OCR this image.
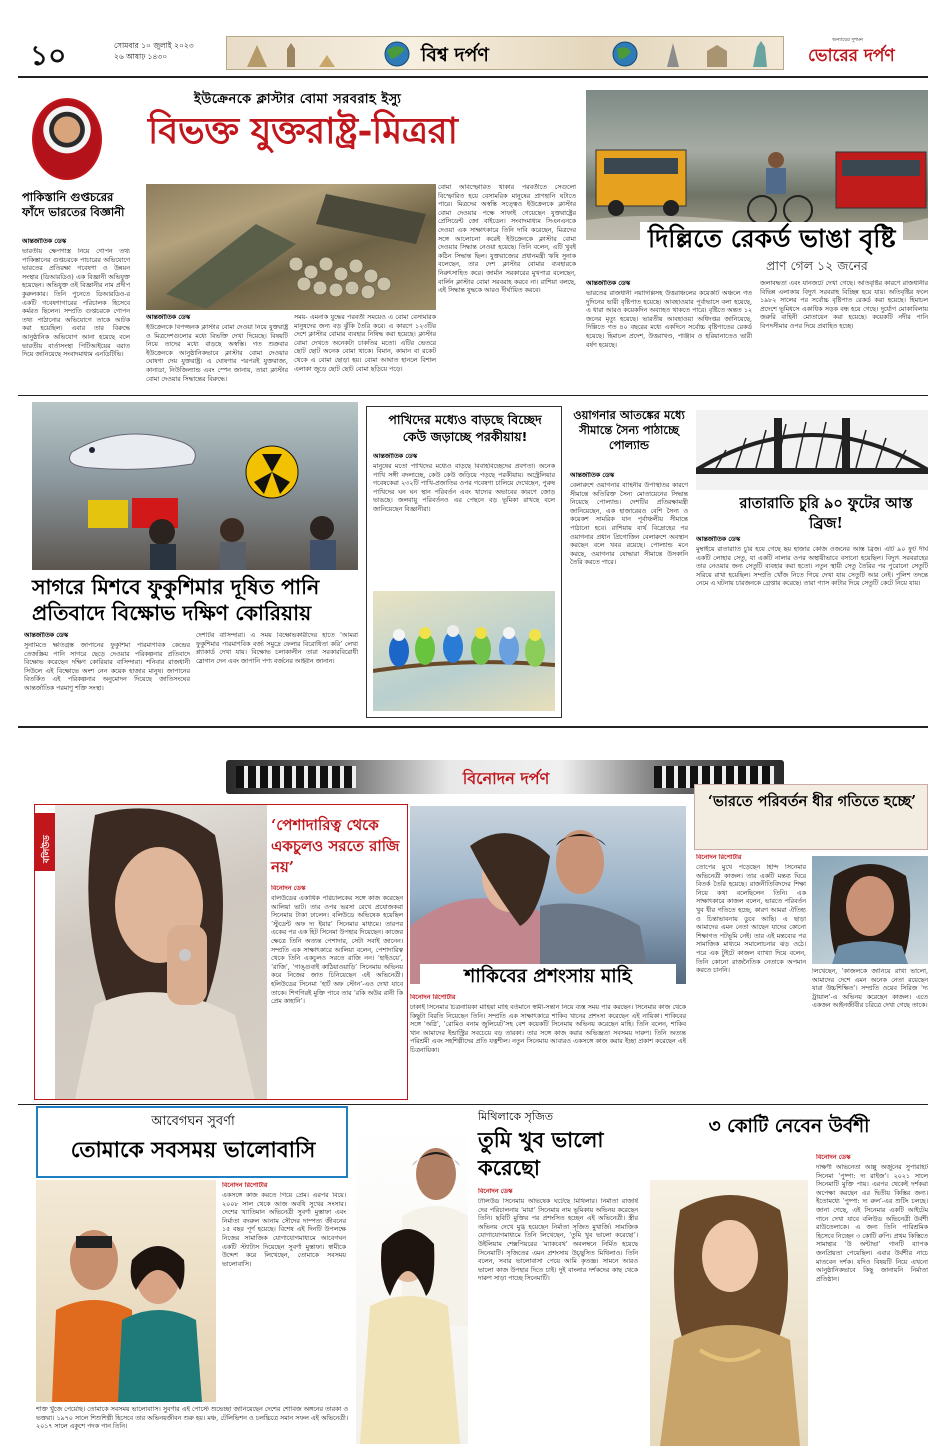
১০	সোমবার ১০ জুলাই ২০২৩
২৬ আষাঢ় ১৪৩০	বিশ্ব দর্পণ
অন্যায়ের দুশমন
ভোরের দর্পণ
ইউক্রেনকে ক্লাস্টার বোমা সরবরাহ ইস্যু
বিভক্ত যুক্তরাষ্ট্র-মিত্ররা
পাকিস্তানি গুপ্তচরের ফাঁদে ভারতের বিজ্ঞানী
আন্তর্জাতিক ডেস্ক
ভারতীয় ক্ষেপণাস্ত্র নিয়ে গোপন তথ্য পাকিস্তানের গুপ্তচরকে পাচারের অভিযোগে ভারতের প্রতিরক্ষা গবেষণা ও উন্নয়ন সংস্থার (ডিআরডিও) এক বিজ্ঞানী অভিযুক্ত হয়েছেন। অভিযুক্ত ওই বিজ্ঞানীর নাম প্রদীপ কুরুলকার। তিনি পুনেতে ডিআরডিও-র একটি গবেষণাগারের পরিচালক হিসেবে কর্মরত ছিলেন। সম্প্রতি গুপ্তচরকে গোপন তথ্য পাঠানোর অভিযোগে তাকে আটক করা হয়েছিল। এবার তার বিরুদ্ধে আনুষ্ঠানিক অভিযোগ আনা হয়েছে বলে ভারতীয় বার্তাসংস্থা পিটিআইয়ের বরাত দিয়ে জানিয়েছে সংবাদমাধ্যম এনডিটিভি।
বোমা অবিস্ফোরিত থাকার পরবর্তীতে সেগুলো বিস্ফোরিত হয়ে বেসামরিক মানুষের প্রাণহানি ঘটাতে পারে। মিত্রদের অস্বস্তি সত্ত্বেও ইউক্রেনকে ক্লাস্টার বোমা দেওয়ার পক্ষে সাফাই গেয়েছেন যুক্তরাষ্ট্রের প্রেসিডেন্ট জো বাইডেন। সংবাদমাধ্যম সিএনএনকে দেওয়া এক সাক্ষাৎকারে তিনি দাবি করেছেন, মিত্রদের সঙ্গে আলোচনা করেই ইউক্রেনকে ক্লাস্টার বোমা দেওয়ার সিদ্ধান্ত নেওয়া হয়েছে। তিনি বলেন, এটি খুবই কঠিন সিদ্ধান্ত ছিল। যুক্তরাজ্যের প্রধানমন্ত্রী ঋষি সুনাক বলেছেন, তার দেশ ক্লাস্টার বোমার ব্যবহারকে নিরুৎসাহিত করে। জার্মান সরকারের মুখপাত্র বলেছেন, বার্লিন ক্লাস্টার বোমা সরবরাহ করবে না। রাশিয়া বলছে, এই সিদ্ধান্ত যুদ্ধকে আরও দীর্ঘায়িত করবে।
আন্তর্জাতিক ডেস্ক
ইউক্রেনকে বিপজ্জনক ক্লাস্টার বোমা দেওয়া নিয়ে যুক্তরাষ্ট্র ও মিত্রদেশগুলোর মধ্যে বিভক্তি দেখা দিয়েছে। বিষয়টি নিয়ে তাদের মধ্যে বাড়ছে অস্বস্তি। গত শুক্রবার ইউক্রেনকে আনুষ্ঠানিকভাবে ক্লাস্টার বোমা দেওয়ার ঘোষণা দেয় যুক্তরাষ্ট্র। এ ঘোষণার পরপরই যুক্তরাজ্য, কানাডা, নিউজিল্যান্ড এবং স্পেন জানায়, তারা ক্লাস্টার বোমা দেওয়ার সিদ্ধান্তের বিরুদ্ধে।
সময়- এমনকি যুদ্ধের পরবর্তী সময়েও এ বোমা বেসামরিক মানুষদের জন্য বড় ঝুঁকি তৈরি করে। এ কারণে ১২৩টির দেশে ক্লাস্টার বোমার ব্যবহার নিষিদ্ধ করা হয়েছে। ক্লাস্টার বোমা দেখতে অনেকটা চাকতির মতো। এটির ভেতরে ছোট ছোট অনেক বোমা থাকে। বিমান, কামান বা রকেট থেকে এ বোমা ছোড়া হয়। বোমা আঘাত হানলে বিশাল এলাকা জুড়ে ছোট ছোট বোমা ছড়িয়ে পড়ে।
দিল্লিতে রেকর্ড ভাঙা বৃষ্টি
প্রাণ গেল ১২ জনের
আন্তর্জাতিক ডেস্ক
ভারতের রাজধানী নয়াদিল্লিসহ উত্তরাঞ্চলের কয়েকটি অঞ্চলে গত দুদিনের ভারী বৃষ্টিপাত হয়েছে। আবহাওয়ার পূর্বাভাসে বলা হয়েছে, এ ধারা আরও কয়েকদিন অব্যাহত থাকতে পারে। বৃষ্টিতে অন্তত ১২ জনের মৃত্যু হয়েছে। ভারতীয় আবহাওয়া অধিদপ্তর জানিয়েছে, দিল্লিতে গত ৪০ বছরের মধ্যে একদিনে সর্বোচ্চ বৃষ্টিপাতের রেকর্ড হয়েছে। হিমাচল প্রদেশ, উত্তরাখণ্ড, পাঞ্জাব ও হরিয়ানাতেও ভারী বর্ষণ হয়েছে।
জলাবদ্ধতা এবং যানজটে দেখা গেছে। অতিবৃষ্টির কারণে রাজধানীর বিভিন্ন এলাকায় বিদ্যুৎ সরবরাহ বিচ্ছিন্ন হয়ে যায়। অতিবৃষ্টির ফলে ১৯৮২ সালের পর সর্বোচ্চ বৃষ্টিপাত রেকর্ড করা হয়েছে। হিমাচল প্রদেশে ভূমিধসে একাধিক সড়ক বন্ধ হয়ে গেছে। দুর্যোগ মোকাবিলায় জরুরি বাহিনী মোতায়েন করা হয়েছে। কয়েকটি নদীর পানি বিপদসীমার ওপর দিয়ে প্রবাহিত হচ্ছে।
সাগরে মিশবে ফুকুশিমার দূষিত পানি
প্রতিবাদে বিক্ষোভ দক্ষিণ কোরিয়ায়
আন্তর্জাতিক ডেস্ক
সুনামিতে ক্ষতিগ্রস্ত জাপানের ফুকুশিমা পারমাণবিক কেন্দ্রের তেজস্ক্রিয় পানি সাগরে ছেড়ে দেওয়ার পরিকল্পনার প্রতিবাদে বিক্ষোভ করেছেন দক্ষিণ কোরিয়ার বাসিন্দারা। শনিবার রাজধানী সিউলে এই বিক্ষোভে অংশ নেন কয়েক হাজার মানুষ। জাপানের বিতর্কিত এই পরিকল্পনার অনুমোদন দিয়েছে জাতিসংঘের আন্তর্জাতিক পরমাণু শক্তি সংস্থা।
দেশটির বাসিন্দারা। এ সময় বিক্ষোভকারীদের হাতে ‘আমরা ফুকুশিমার পারমাণবিক বর্জ্য সমুদ্রে ফেলার বিরোধিতা করি’ লেখা প্ল্যাকার্ড দেখা যায়। বিক্ষোভ চলাকালীন তারা সরকারবিরোধী স্লোগান দেন এবং জাপানি পণ্য বর্জনের আহ্বান জানান।
পাখিদের মধ্যেও বাড়ছে বিচ্ছেদ কেউ জড়াচ্ছে পরকীয়ায়!
আন্তর্জাতিক ডেস্ক
মানুষের মতো পাখিদের মধ্যেও বাড়ছে বিবাহবিচ্ছেদের প্রবণতা। অনেক পাখি সঙ্গী বদলাচ্ছে, কেউ কেউ জড়িয়ে পড়ছে পরকীয়ায়। অস্ট্রেলিয়ার গবেষকেরা ২৩২টি পাখি-প্রজাতির ওপর গবেষণা চালিয়ে দেখেছেন, পুরুষ পাখিদের ঘন ঘন স্থান পরিবর্তন এবং খাদ্যের অভাবের কারণে জোড় ভাঙছে। জলবায়ু পরিবর্তনও এর পেছনে বড় ভূমিকা রাখছে বলে জানিয়েছেন বিজ্ঞানীরা।
ওয়াগনার আতঙ্কের মধ্যে সীমান্তে সৈন্য পাঠাচ্ছে পোল্যান্ড
আন্তর্জাতিক ডেস্ক
বেলারুশে ওয়াগনার বাহিনীর উপস্থিতির কারণে সীমান্তে অতিরিক্ত সৈন্য মোতায়েনের সিদ্ধান্ত নিয়েছে পোল্যান্ড। দেশটির প্রতিরক্ষামন্ত্রী জানিয়েছেন, এক হাজারেরও বেশি সৈন্য ও কয়েকশ সামরিক যান পূর্বাঞ্চলীয় সীমান্তে পাঠানো হবে। রাশিয়ায় ব্যর্থ বিদ্রোহের পর ওয়াগনার প্রধান প্রিগোজিন বেলারুশে অবস্থান করছেন বলে খবর রয়েছে। পোল্যান্ড মনে করছে, ওয়াগনার যোদ্ধারা সীমান্তে উসকানি তৈরি করতে পারে।
রাতারাতি চুরি ৯০ ফুটের আস্ত ব্রিজ!
আন্তর্জাতিক ডেস্ক
মুম্বাইয়ে রাতারাতি চুরি হয়ে গেছে ছয় হাজার কেজি ওজনের আস্ত ব্রিজ। এটি ৯০ ফুট দীর্ঘ একটি লোহার সেতু, যা একটি নালার ওপর অস্থায়ীভাবে বসানো হয়েছিল। বিদ্যুৎ সরবরাহের তার নেওয়ার জন্য সেতুটি ব্যবহার করা হতো। নতুন স্থায়ী সেতু তৈরির পর পুরোনো সেতুটি সরিয়ে রাখা হয়েছিল। সম্প্রতি খোঁজ নিতে গিয়ে দেখা যায় সেতুটি আর নেই। পুলিশ তদন্তে নেমে এ ঘটনায় চারজনকে গ্রেপ্তার করেছে। তারা গ্যাস কাটার দিয়ে সেতুটি কেটে নিয়ে যায়।
বিনোদন দর্পণ
বলিউড
‘পেশাদারিত্ব থেকে একচুলও সরতে রাজি নয়’
বিনোদন ডেস্ক
বলিউডের একাধিক পরিচালকের সঙ্গে কাজ করেছেন আলিয়া ভাট। তার ওপর ভরসা রেখে প্রযোজকরা সিনেমায় টাকা ঢালেন। বলিউডে অভিষেক হয়েছিল ‘স্টুডেন্ট অফ দ্য ইয়ার’ সিনেমার মাধ্যমে। তারপর একের পর এক হিট সিনেমা উপহার দিয়েছেন। কাজের ক্ষেত্রে তিনি অত্যন্ত পেশাদার, সেটা সবাই জানেন। সম্প্রতি এক সাক্ষাৎকারে আলিয়া বলেন, পেশাদারিত্ব থেকে তিনি একচুলও সরতে রাজি নন। ‘হাইওয়ে’, ‘রাজি’, ‘গাঙ্গুবাই কাঠিয়াওয়াড়ি’ সিনেমায় অভিনয় করে নিজের জাত চিনিয়েছেন এই অভিনেত্রী। হলিউডের সিনেমা ‘হার্ট অফ স্টোন’-এও দেখা যাবে তাকে। শিগগিরই মুক্তি পাবে তার ‘রকি অউর রানী কি প্রেম কাহানি’।
শাকিবের প্রশংসায় মাহি
বিনোদন রিপোর্টার
ঢাকাই সিনেমার চিত্রনায়িকা মাহিয়া মাহি বর্তমানে স্বামী-সন্তান নিয়ে ব্যস্ত সময় পার করছেন। সিনেমার কাজ থেকে কিছুটা বিরতি নিয়েছেন তিনি। সম্প্রতি এক সাক্ষাৎকারে শাকিব খানের প্রশংসা করেছেন এই নায়িকা। শাকিবের সঙ্গে ‘অগ্নি’, ‘রোমিও বনাম জুলিয়েট’সহ বেশ কয়েকটি সিনেমায় অভিনয় করেছেন মাহি। তিনি বলেন, শাকিব খান আমাদের ইন্ডাস্ট্রির সবচেয়ে বড় তারকা। তার সঙ্গে কাজ করার অভিজ্ঞতা সবসময় দারুণ। তিনি অত্যন্ত পরিশ্রমী এবং সহশিল্পীদের প্রতি যত্নশীল। নতুন সিনেমায় আবারও একসঙ্গে কাজ করার ইচ্ছা প্রকাশ করেছেন এই চিত্রনায়িকা।
‘ভারতে পরিবর্তন ধীর গতিতে হচ্ছে’
বিনোদন রিপোর্টার
তোপের মুখে পড়েছেন হিন্দি সিনেমার অভিনেত্রী কাজল। তার একটি মন্তব্য ঘিরে বিতর্ক তৈরি হয়েছে। রাজনীতিবিদদের শিক্ষা নিয়ে কথা বলেছিলেন তিনি। এক সাক্ষাৎকারে কাজল বলেন, ভারতে পরিবর্তন খুব ধীর গতিতে হচ্ছে, কারণ আমরা ঐতিহ্য ও চিন্তাভাবনায় ডুবে আছি। এ ছাড়া আমাদের এমন নেতা আছেন যাদের কোনো শিক্ষাগত পটভূমি নেই। তার এই মন্তব্যের পর সামাজিক মাধ্যমে সমালোচনার ঝড় ওঠে। পরে এক টুইটে কাজল ব্যাখ্যা দিয়ে বলেন, তিনি কোনো রাজনৈতিক নেতাকে অপমান করতে চাননি।	লিখেছেন, ‘কাজলকে জানিয়ে রাখা ভালো, আমাদের দেশে এমন অনেক নেতা রয়েছেন যারা উচ্চশিক্ষিত’। সম্প্রতি ওয়েব সিরিজ ‘দ্য ট্রায়াল’-এ অভিনয় করেছেন কাজল। এতে একজন আইনজীবীর চরিত্রে দেখা গেছে তাকে।
আবেগঘন সুবর্ণা
তোমাকে সবসময় ভালোবাসি
বিনোদন রিপোর্টার
একসঙ্গে কাজ করতে গিয়ে প্রেম। এরপর বিয়ে। ২০০৮ সাল থেকে আজ অবধি সুখের সংসার। দেশের খ্যাতিমান অভিনেত্রী সুবর্ণা মুস্তাফা এবং নির্মাতা বদরুল আনাম সৌদের দাম্পত্য জীবনের ১৫ বছর পূর্ণ হয়েছে। বিশেষ এই দিনটি উপলক্ষে নিজের সামাজিক যোগাযোগমাধ্যমে আবেগঘন একটি স্ট্যাটাস দিয়েছেন সুবর্ণা মুস্তাফা। স্বামীকে উদ্দেশ করে লিখেছেন, তোমাকে সবসময় ভালোবাসি।
শক্তি খুঁজে পেয়েছি। তোমাকে সবসময় ভালোবাসি। সুবর্ণার এই পোস্টে শুভেচ্ছা জানিয়েছেন দেশের শোবিজ অঙ্গনের তারকা ও ভক্তরা। ১৯৭০ সালে শিশুশিল্পী হিসেবে তার অভিনয়জীবন শুরু হয়। মঞ্চ, টেলিভিশন ও চলচ্চিত্রে সমান সফল এই অভিনেত্রী। ২০১৭ সালে একুশে পদক পান তিনি।
মিথিলাকে সৃজিত
তুমি খুব ভালো করেছো
বিনোদন ডেস্ক
টালিউড সিনেমায় অভিষেক ঘটেছে মিথিলার। নির্মাতা রাজর্ষি দের পরিচালনায় ‘মায়া’ সিনেমায় নাম ভূমিকায় অভিনয় করেছেন তিনি। ছবিটি মুক্তির পর প্রশংসিত হচ্ছেন এই অভিনেত্রী। স্ত্রীর অভিনয় দেখে মুগ্ধ হয়েছেন নির্মাতা সৃজিত মুখার্জি। সামাজিক যোগাযোগমাধ্যমে তিনি লিখেছেন, ‘তুমি খুব ভালো করেছো’। উইলিয়াম শেক্সপিয়রের ‘ম্যাকবেথ’ অবলম্বনে নির্মিত হয়েছে সিনেমাটি। সৃজিতের এমন প্রশংসায় উচ্ছ্বসিত মিথিলাও। তিনি বলেন, সবার ভালোবাসা পেয়ে আমি কৃতজ্ঞ। সামনে আরও ভালো কাজ উপহার দিতে চাই। দুই বাংলার দর্শকদের কাছ থেকে দারুণ সাড়া পাচ্ছে সিনেমাটি।
৩ কোটি নেবেন উর্বশী
বিনোদন ডেস্ক
দক্ষিণী অভিনেতা আল্লু অর্জুনের সুপারহিট সিনেমা ‘পুষ্পা: দ্য রাইজ’। ২০২১ সালে সিনেমাটি মুক্তি পায়। এরপর থেকেই দর্শকরা অপেক্ষা করছেন এর দ্বিতীয় কিস্তির জন্য। ইতোমধ্যে ‘পুষ্পা: দ্য রুল’-এর শুটিং চলছে। জানা গেছে, এই সিনেমার একটি আইটেম গানে দেখা যাবে বলিউড অভিনেত্রী উর্বশী রাউতেলাকে। এ জন্য তিনি পারিশ্রমিক হিসেবে নিচ্ছেন ৩ কোটি রুপি। প্রথম কিস্তিতে সামান্থার ‘উ অন্টাভা’ গানটি ব্যাপক জনপ্রিয়তা পেয়েছিল। এবার উর্বশীর নাচে মাতবেন দর্শক। যদিও বিষয়টি নিয়ে এখনো আনুষ্ঠানিকভাবে কিছু জানায়নি নির্মাতা প্রতিষ্ঠান।
